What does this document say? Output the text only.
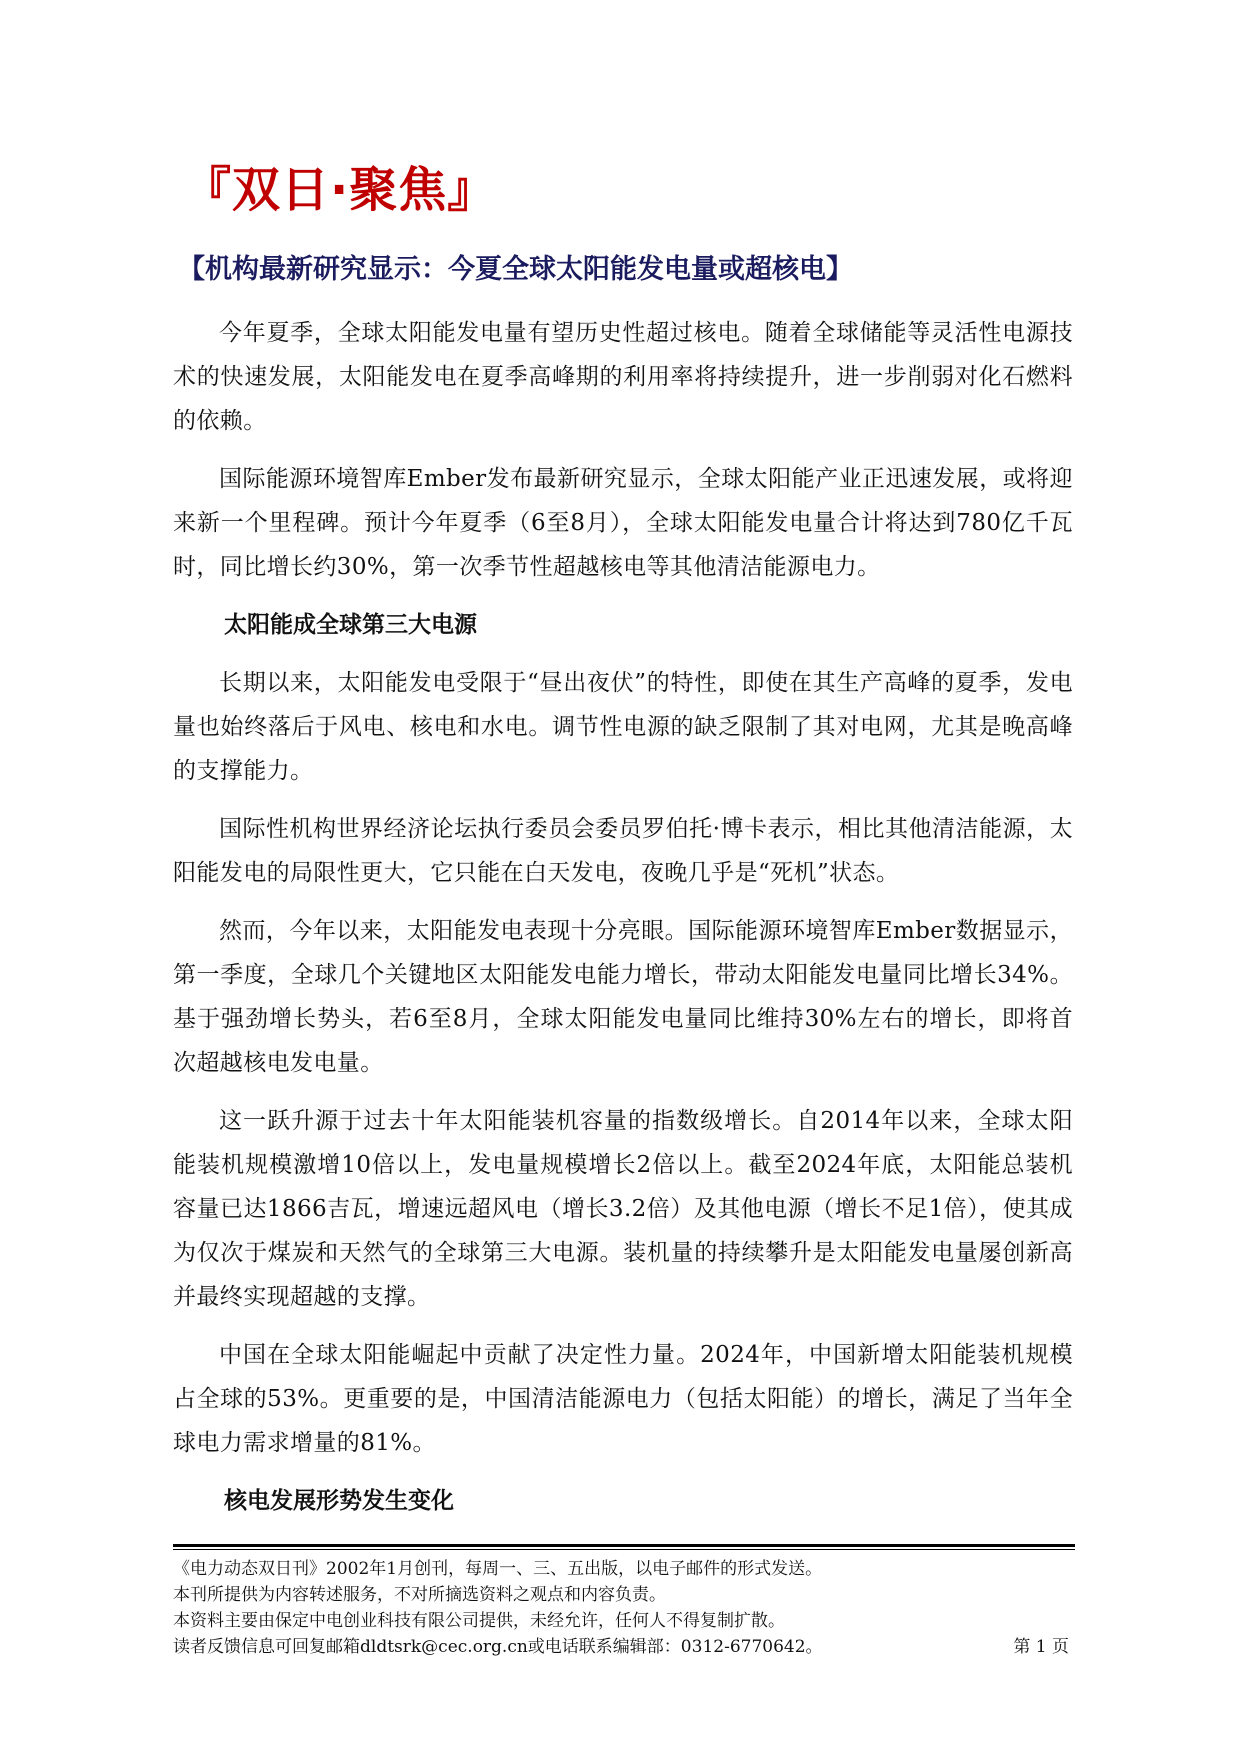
『双日·聚焦』
【机构最新研究显示：今夏全球太阳能发电量或超核电】

今年夏季，全球太阳能发电量有望历史性超过核电。随着全球储能等灵活性电源技术的快速发展，太阳能发电在夏季高峰期的利用率将持续提升，进一步削弱对化石燃料的依赖。

国际能源环境智库Ember发布最新研究显示，全球太阳能产业正迅速发展，或将迎来新一个里程碑。预计今年夏季（6至8月），全球太阳能发电量合计将达到780亿千瓦时，同比增长约30%，第一次季节性超越核电等其他清洁能源电力。

太阳能成全球第三大电源

长期以来，太阳能发电受限于“昼出夜伏”的特性，即使在其生产高峰的夏季，发电量也始终落后于风电、核电和水电。调节性电源的缺乏限制了其对电网，尤其是晚高峰的支撑能力。

国际性机构世界经济论坛执行委员会委员罗伯托·博卡表示，相比其他清洁能源，太阳能发电的局限性更大，它只能在白天发电，夜晚几乎是“死机”状态。

然而，今年以来，太阳能发电表现十分亮眼。国际能源环境智库Ember数据显示，第一季度，全球几个关键地区太阳能发电能力增长，带动太阳能发电量同比增长34%。基于强劲增长势头，若6至8月，全球太阳能发电量同比维持30%左右的增长，即将首次超越核电发电量。

这一跃升源于过去十年太阳能装机容量的指数级增长。自2014年以来，全球太阳能装机规模激增10倍以上，发电量规模增长2倍以上。截至2024年底，太阳能总装机容量已达1866吉瓦，增速远超风电（增长3.2倍）及其他电源（增长不足1倍），使其成为仅次于煤炭和天然气的全球第三大电源。装机量的持续攀升是太阳能发电量屡创新高并最终实现超越的支撑。

中国在全球太阳能崛起中贡献了决定性力量。2024年，中国新增太阳能装机规模占全球的53%。更重要的是，中国清洁能源电力（包括太阳能）的增长，满足了当年全球电力需求增量的81%。

核电发展形势发生变化

《电力动态双日刊》2002年1月创刊，每周一、三、五出版，以电子邮件的形式发送。
本刊所提供为内容转述服务，不对所摘选资料之观点和内容负责。
本资料主要由保定中电创业科技有限公司提供，未经允许，任何人不得复制扩散。
读者反馈信息可回复邮箱dldtsrk@cec.org.cn或电话联系编辑部：0312-6770642。	第 1 页
